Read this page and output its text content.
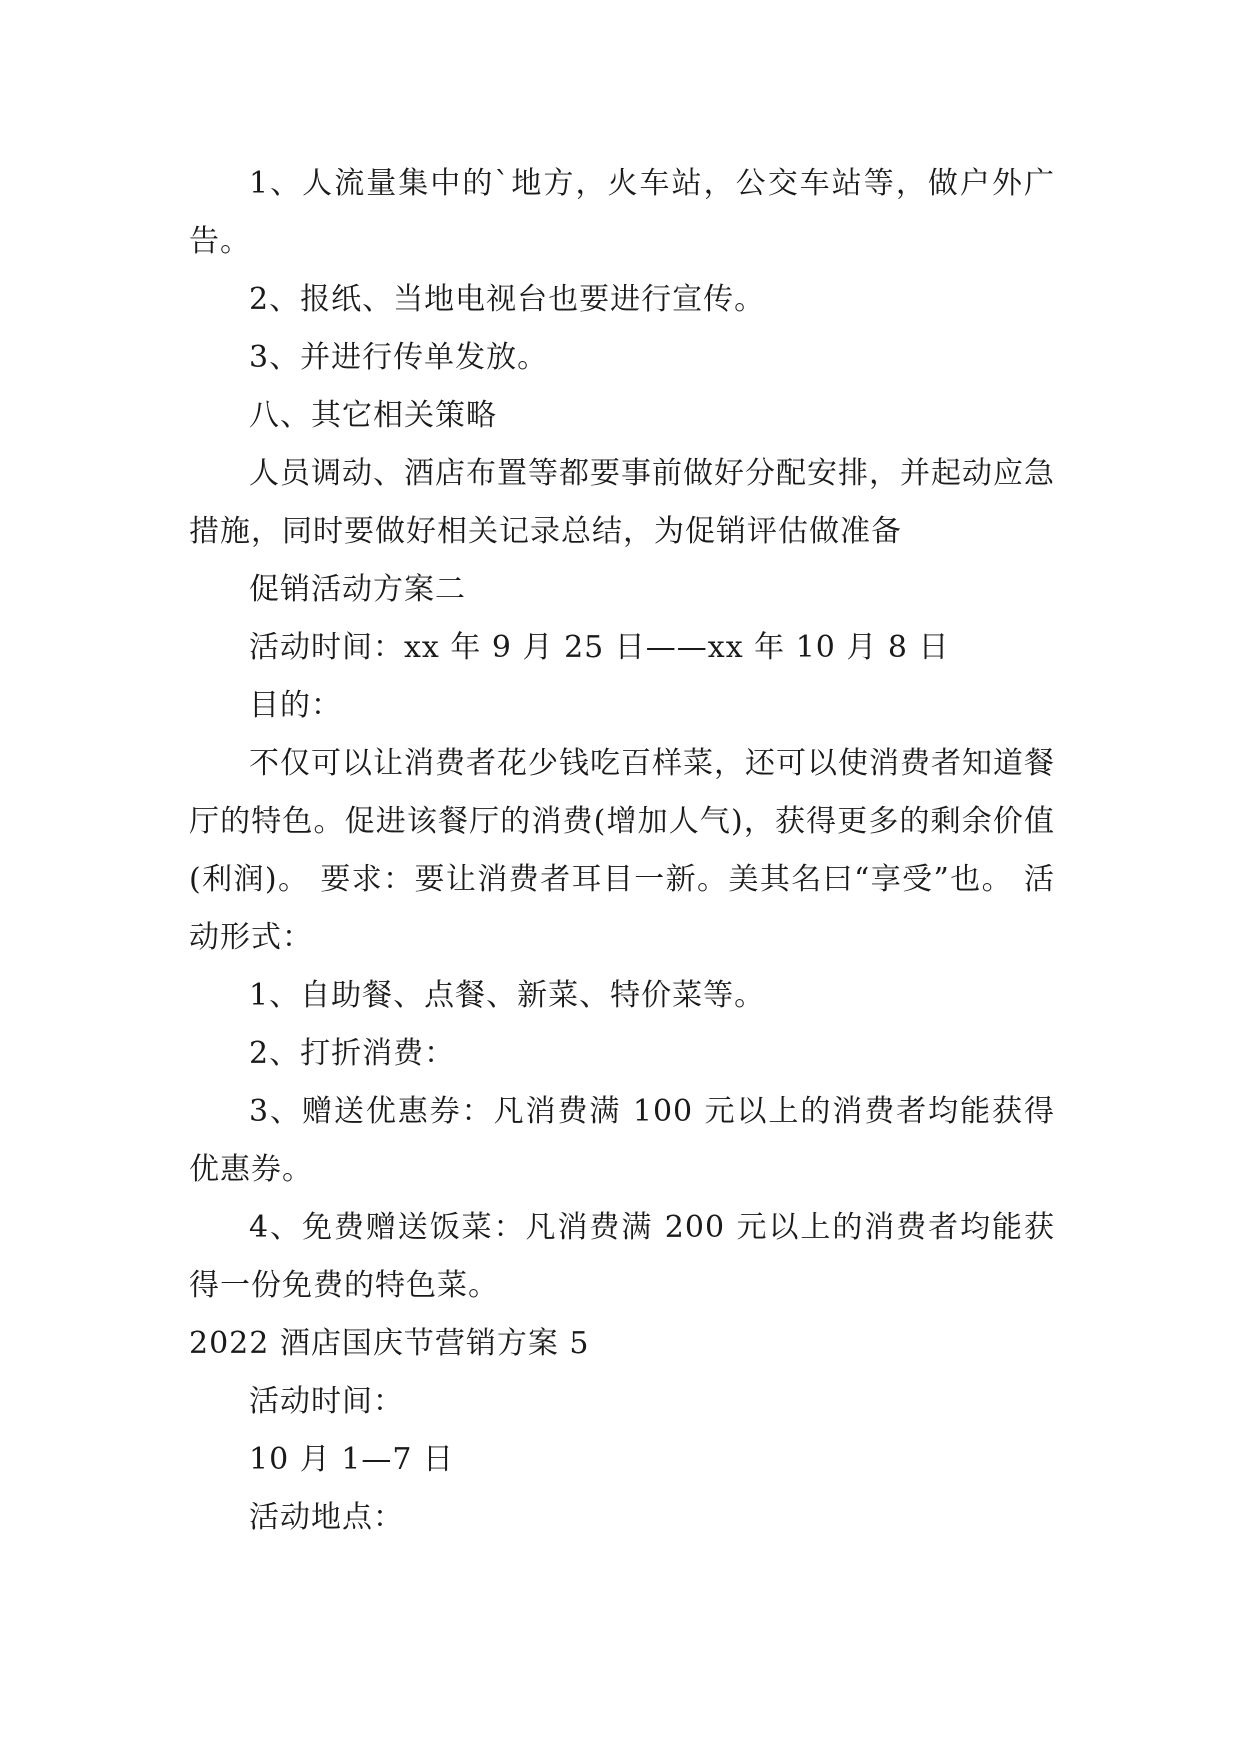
1、人流量集中的`地方，火车站，公交车站等，做户外广告。

2、报纸、当地电视台也要进行宣传。

3、并进行传单发放。

八、其它相关策略

人员调动、酒店布置等都要事前做好分配安排，并起动应急措施，同时要做好相关记录总结，为促销评估做准备

促销活动方案二

活动时间：xx 年 9 月 25 日——xx 年 10 月 8 日

目的：

不仅可以让消费者花少钱吃百样菜，还可以使消费者知道餐厅的特色。促进该餐厅的消费(增加人气)，获得更多的剩余价值(利润)。 要求：要让消费者耳目一新。美其名曰“享受”也。 活动形式：

1、自助餐、点餐、新菜、特价菜等。

2、打折消费：

3、赠送优惠券：凡消费满 100 元以上的消费者均能获得优惠券。

4、免费赠送饭菜：凡消费满 200 元以上的消费者均能获得一份免费的特色菜。

2022 酒店国庆节营销方案 5

活动时间：

10 月 1—7 日

活动地点：
